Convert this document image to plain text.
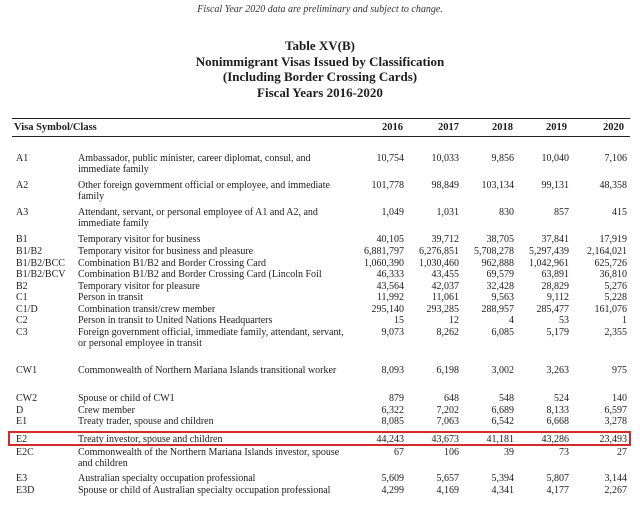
Fiscal Year 2020 data are preliminary and subject to change.
Table XV(B)
Nonimmigrant Visas Issued by Classification
(Including Border Crossing Cards)
Fiscal Years 2016-2020
Visa Symbol/Class	2016	2017	2018	2019	2020
A1	Ambassador, public minister, career diplomat, consul, and immediate family
10,754	10,033	9,856	10,040	7,106
A2	Other foreign government official or employee, and immediate family
101,778	98,849	103,134	99,131	48,358
A3	Attendant, servant, or personal employee of A1 and A2, and immediate family
1,049	1,031	830	857	415
B1	Temporary visitor for business	40,105	39,712	38,705	37,841	17,919
B1/B2	Temporary visitor for business and pleasure	6,881,797	6,276,851	5,708,278	5,297,439	2,164,021
B1/B2/BCC Combination B1/B2 and Border Crossing Card	1,060,390	1,030,460	962,888	1,042,961	625,726
B1/B2/BCV Combination B1/B2 and Border Crossing Card (Lincoln Foil	46,333	43,455	69,579	63,891	36,810
B2	Temporary visitor for pleasure	43,564	42,037	32,428	28,829	5,276
C1	Person in transit	11,992	11,061	9,563	9,112	5,228
C1/D	Combination transit/crew member	295,140	293,285	288,957	285,477	161,076
C2	Person in transit to United Nations Headquarters	15	12	4	53	1
C3	Foreign government official, immediate family, attendant, servant, or personal employee in transit
9,073	8,262	6,085	5,179	2,355
CW1	Commonwealth of Northern Mariana Islands transitional worker	8,093	6,198	3,002	3,263	975
CW2	Spouse or child of CW1	879	648	548	524	140
D	Crew member	6,322	7,202	6,689	8,133	6,597
E1	Treaty trader, spouse and children	8,085	7,063	6,542	6,668	3,278
E2	Treaty investor, spouse and children	44,243	43,673	41,181	43,286	23,493
E2C	Commonwealth of the Northern Mariana Islands investor, spouse and children
67	106	39	73	27
E3	Australian specialty occupation professional	5,609	5,657	5,394	5,807	3,144
E3D	Spouse or child of Australian specialty occupation professional	4,299	4,169	4,341	4,177	2,267
